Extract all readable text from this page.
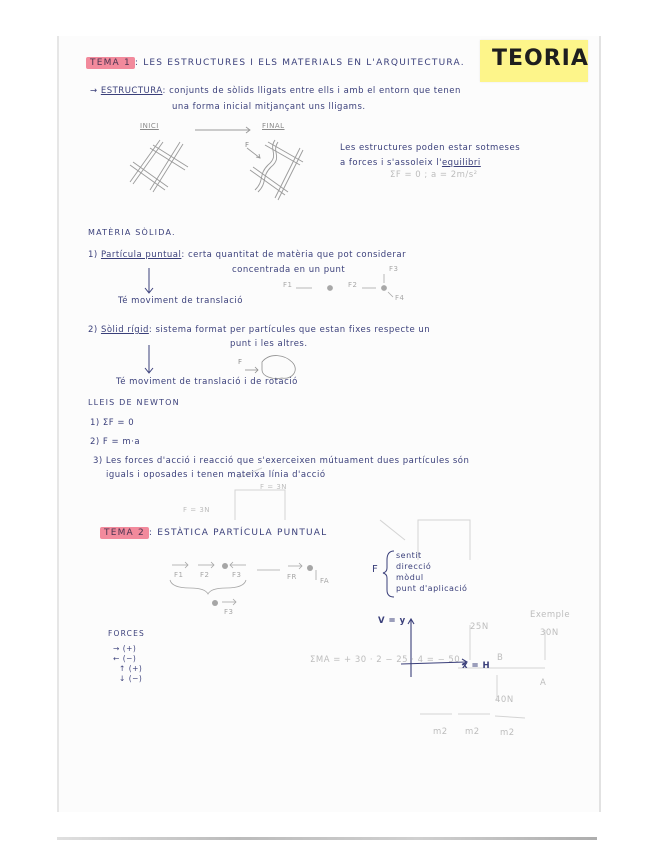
ΣF = 0 ; a = 2m/s²
ΣMA = + 30 · 2 − 25 · 4 = − 50
Exemple
25N
30N
40N
B
A
m2 m2 m2
TEORIA
TEMA 1 : LES ESTRUCTURES I ELS MATERIALS EN L'ARQUITECTURA.
→ ESTRUCTURA: conjunts de sòlids lligats entre ells i amb el entorn que tenen
una forma inicial mitjançant uns lligams.
INICI	FINAL
F	Les estructures poden estar sotmeses
a forces i s'assoleix l'equilibri
MATÈRIA SÒLIDA.
1) Partícula puntual: certa quantitat de matèria que pot considerar
concentrada en un punt
F1	F2
F3
F4
Té moviment de translació
2) Sòlid rígid: sistema format per partícules que estan fixes respecte un
punt i les altres.
F
Té moviment de translació i de rotació
LLEIS DE NEWTON
1) ΣF = 0
2) F = m·a
3) Les forces d'acció i reacció que s'exerceixen mútuament dues partícules són
iguals i oposades i tenen mateixa línia d'acció
F = 3N
F = 3N
TEMA 2 : ESTÀTICA PARTÍCULA PUNTUAL
F1 F2	F3	FR	FA
F3
F
sentit
direcció
mòdul
punt d'aplicació
FORCES
→ (+)
← (−)
↑ (+)
↓ (−)
V = y
x = H
